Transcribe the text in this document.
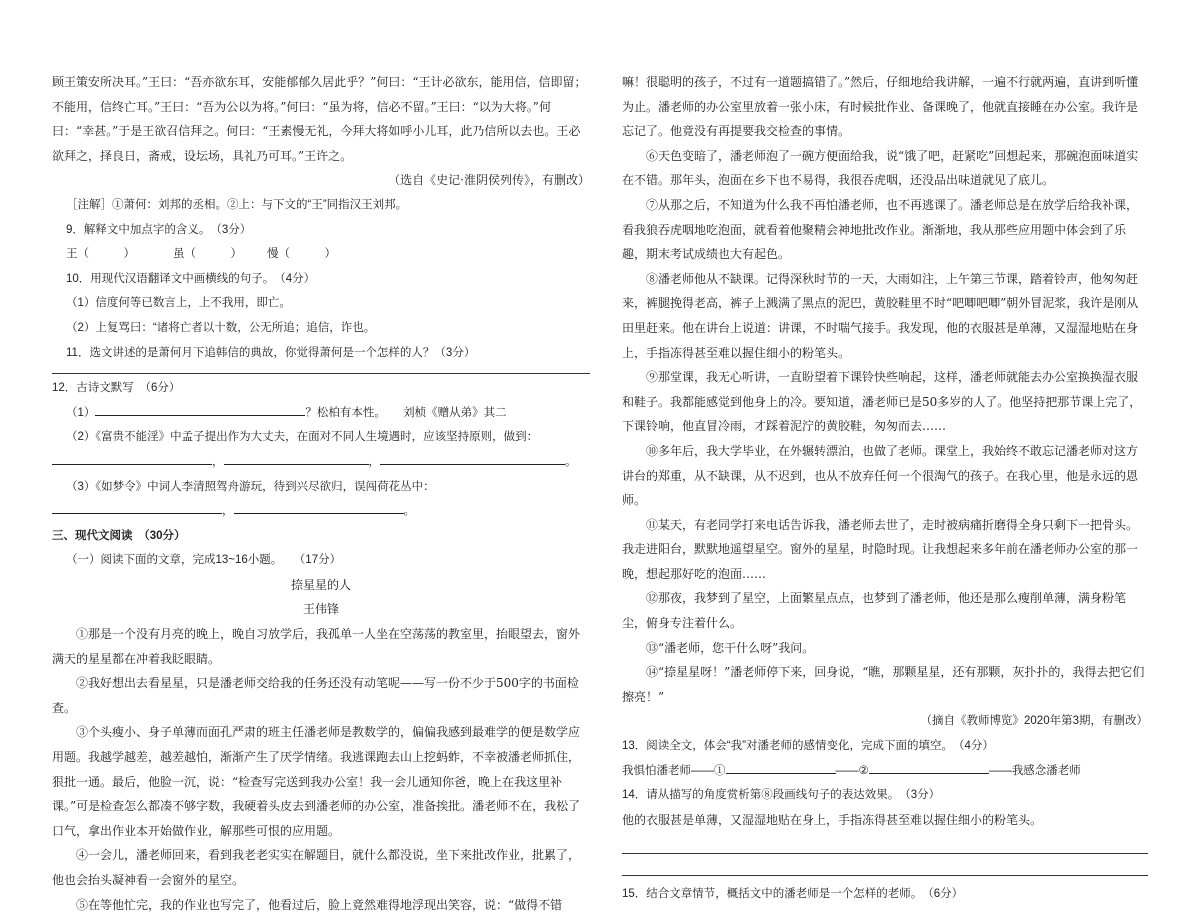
顾王策安所决耳。”王曰：“吾亦欲东耳，安能郁郁久居此乎？”何曰：“王计必欲东，能用信，信即留；不能用，信终亡耳。”王曰：“吾为公以为将。”何曰：“虽为将，信必不留。”王曰：“以为大将。”何曰：“幸甚。”于是王欲召信拜之。何曰：“王素慢无礼，今拜大将如呼小儿耳，此乃信所以去也。王必欲拜之，择良日，斋戒，设坛场，具礼乃可耳。”王许之。

（选自《史记·淮阴侯列传》，有删改）

［注解］①萧何：刘邦的丞相。②上：与下文的“王”同指汉王刘邦。

9．解释文中加点字的含义。　（3分）

王（　　　）	虽（　　　）	慢（　　　）

10．用现代汉语翻译文中画横线的句子。　（4分）

（1）信度何等已数言上，上不我用，即亡。

（2）上复骂曰：“诸将亡者以十数，公无所追；追信，诈也。

11．选文讲述的是萧何月下追韩信的典故，你觉得萧何是一个怎样的人？（3分）

12．古诗文默写　（6分）

（1）	？松柏有本性。　　刘桢《赠从弟》其二

（2）《富贵不能淫》中孟子提出作为大丈夫，在面对不同人生境遇时，应该坚持原则，做到：

，	，	。

（3）《如梦令》中词人李清照驾舟游玩，待到兴尽欲归，误闯荷花丛中：

，	。

三、现代文阅读　（30分）

（一）阅读下面的文章，完成13~16小题。　　（17分）

捺星星的人

王伟锋

①那是一个没有月亮的晚上，晚自习放学后，我孤单一人坐在空荡荡的教室里，抬眼望去，窗外满天的星星都在冲着我眨眼睛。

②我好想出去看星星，只是潘老师交给我的任务还没有动笔呢——写一份不少于500字的书面检查。

③个头瘦小、身子单薄而面孔严肃的班主任潘老师是教数学的，偏偏我感到最难学的便是数学应用题。我越学越差，越差越怕，渐渐产生了厌学情绪。我逃课跑去山上挖蚂蚱，不幸被潘老师抓住，狠批一通。最后，他脸一沉，说：“检查写完送到我办公室！我一会儿通知你爸，晚上在我这里补课。”可是检查怎么都凑不够字数，我硬着头皮去到潘老师的办公室，准备挨批。潘老师不在，我松了口气，拿出作业本开始做作业，解那些可恨的应用题。

④一会儿，潘老师回来，看到我老老实实在解题目，就什么都没说，坐下来批改作业，批累了，他也会抬头凝神看一会窗外的星空。

⑤在等他忙完，我的作业也写完了，他看过后，脸上竟然难得地浮现出笑容，说：“做得不错

嘛！很聪明的孩子，不过有一道题搞错了。”然后，仔细地给我讲解，一遍不行就两遍，直讲到听懂为止。潘老师的办公室里放着一张小床，有时候批作业、备课晚了，他就直接睡在办公室。我许是忘记了。他竟没有再提要我交检查的事情。

⑥天色变暗了，潘老师泡了一碗方便面给我，说“饿了吧，赶紧吃”回想起来，那碗泡面味道实在不错。那年头，泡面在乡下也不易得，我很吞虎咽，还没品出味道就见了底儿。

⑦从那之后，不知道为什么我不再怕潘老师，也不再逃课了。潘老师总是在放学后给我补课，看我狼吞虎咽地吃泡面，就看着他聚精会神地批改作业。渐渐地，我从那些应用题中体会到了乐趣，期末考试成绩也大有起色。

⑧潘老师他从不缺课。记得深秋时节的一天，大雨如注，上午第三节课，踏着铃声，他匆匆赶来，裤腿挽得老高，裤子上溅满了黑点的泥巴，黄胶鞋里不时“吧唧吧唧”朝外冒泥浆，我许是刚从田里赶来。他在讲台上说道：讲课，不时喘气接手。我发现，他的衣服甚是单薄，又湿湿地贴在身上，手指冻得甚至难以握住细小的粉笔头。

⑨那堂课，我无心听讲，一直盼望着下课铃快些响起，这样，潘老师就能去办公室换换湿衣服和鞋子。我都能感觉到他身上的冷。要知道，潘老师已是50多岁的人了。他坚持把那节课上完了，下课铃响，他直冒冷雨，才踩着泥泞的黄胶鞋，匆匆而去……

⑩多年后，我大学毕业，在外辗转漂泊，也做了老师。课堂上，我始终不敢忘记潘老师对这方讲台的郑重，从不缺课，从不迟到，也从不放弃任何一个很淘气的孩子。在我心里，他是永远的恩师。

⑪某天，有老同学打来电话告诉我，潘老师去世了，走时被病痛折磨得全身只剩下一把骨头。我走进阳台，默默地遥望星空。窗外的星星，时隐时现。让我想起来多年前在潘老师办公室的那一晚，想起那好吃的泡面……

⑫那夜，我梦到了星空，上面繁星点点，也梦到了潘老师，他还是那么瘦削单薄，满身粉笔尘，俯身专注着什么。

⑬“潘老师，您干什么呀”我问。

⑭“捺星星呀！”潘老师停下来，回身说，“瞧，那颗星星，还有那颗，灰扑扑的，我得去把它们擦亮！”

（摘自《教师博览》2020年第3期，有删改）

13．阅读全文，体会“我”对潘老师的感情变化，完成下面的填空。　（4分）

我惧怕潘老师——①	——②	——我感念潘老师

14．请从描写的角度赏析第⑧段画线句子的表达效果。　（3分）

他的衣服甚是单薄，又湿湿地贴在身上，手指冻得甚至难以握住细小的粉笔头。

15．结合文章情节，概括文中的潘老师是一个怎样的老师。　（6分）
